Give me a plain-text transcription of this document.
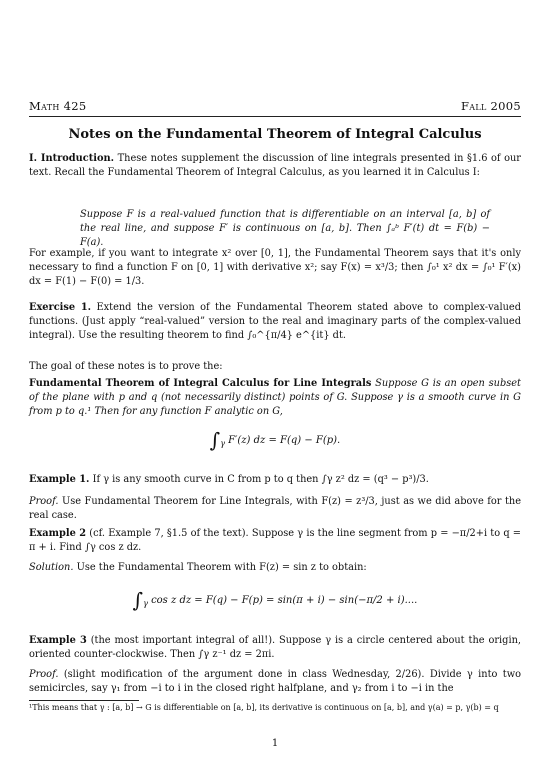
Math 425	Fall 2005
Notes on the Fundamental Theorem of Integral Calculus

I. Introduction. These notes supplement the discussion of line integrals presented in §1.6 of our text. Recall the Fundamental Theorem of Integral Calculus, as you learned it in Calculus I:

Suppose F is a real-valued function that is differentiable on an interval [a, b] of the real line, and suppose F′ is continuous on [a, b]. Then ∫ₐᵇ F′(t) dt = F(b) − F(a).
For example, if you want to integrate x² over [0, 1], the Fundamental Theorem says that it's only necessary to find a function F on [0, 1] with derivative x²; say F(x) = x³/3; then ∫₀¹ x² dx = ∫₀¹ F′(x) dx = F(1) − F(0) = 1/3.

Exercise 1. Extend the version of the Fundamental Theorem stated above to complex-valued functions. (Just apply “real-valued” version to the real and imaginary parts of the complex-valued integral). Use the resulting theorem to find ∫₀^{π/4} e^{it} dt.

The goal of these notes is to prove the:

Fundamental Theorem of Integral Calculus for Line Integrals Suppose G is an open subset of the plane with p and q (not necessarily distinct) points of G. Suppose γ is a smooth curve in G from p to q.¹ Then for any function F analytic on G,

$\int_\gamma$ F′(z) dz = F(q) − F(p).

Example 1. If γ is any smooth curve in C from p to q then ∫γ z² dz = (q³ − p³)/3.

Proof. Use Fundamental Theorem for Line Integrals, with F(z) = z³/3, just as we did above for the real case.

Example 2 (cf. Example 7, §1.5 of the text). Suppose γ is the line segment from p = −π/2+i to q = π + i. Find ∫γ cos z dz.

Solution. Use the Fundamental Theorem with F(z) = sin z to obtain:

$\int_\gamma$ cos z dz = F(q) − F(p) = sin(π + i) − sin(−π/2 + i)....

Example 3 (the most important integral of all!). Suppose γ is a circle centered about the origin, oriented counter-clockwise. Then ∫γ z⁻¹ dz = 2πi.

Proof. (slight modification of the argument done in class Wednesday, 2/26). Divide γ into two semicircles, say γ₁ from −i to i in the closed right halfplane, and γ₂ from i to −i in the

¹This means that γ : [a, b] → G is differentiable on [a, b], its derivative is continuous on [a, b], and γ(a) = p, γ(b) = q
1
